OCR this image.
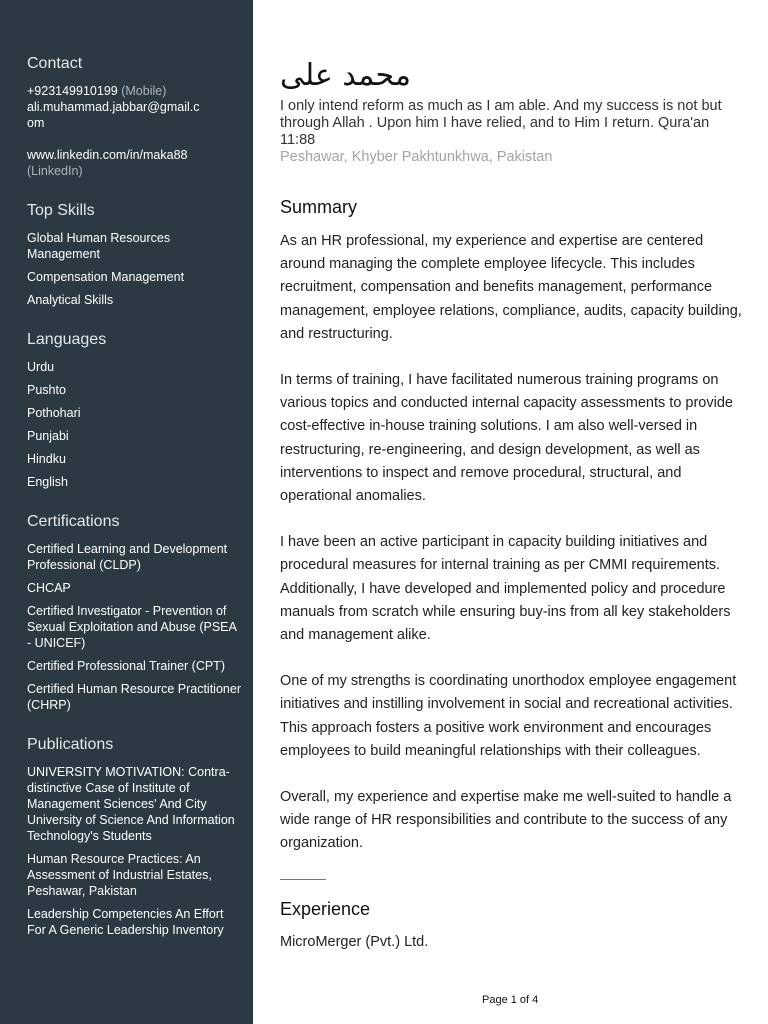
Contact

+923149910199 (Mobile)

ali.muhammad.jabbar@gmail.c
om

www.linkedin.com/in/maka88

(LinkedIn)

Top Skills

Global Human Resources Management

Compensation Management

Analytical Skills

Languages

Urdu

Pushto

Pothohari

Punjabi

Hindku

English

Certifications

Certified Learning and Development Professional (CLDP)

CHCAP

Certified Investigator - Prevention of Sexual Exploitation and Abuse (PSEA - UNICEF)

Certified Professional Trainer (CPT)

Certified Human Resource Practitioner (CHRP)

Publications

UNIVERSITY MOTIVATION: Contra-distinctive Case of Institute of Management Sciences' And City University of Science And Information Technology's Students

Human Resource Practices: An Assessment of Industrial Estates, Peshawar, Pakistan

Leadership Competencies An Effort For A Generic Leadership Inventory

محمد علی

I only intend reform as much as I am able. And my success is not but through Allah . Upon him I have relied, and to Him I return. Qura'an 11:88

Peshawar, Khyber Pakhtunkhwa, Pakistan

Summary

As an HR professional, my experience and expertise are centered around managing the complete employee lifecycle. This includes recruitment, compensation and benefits management, performance management, employee relations, compliance, audits, capacity building, and restructuring.

In terms of training, I have facilitated numerous training programs on various topics and conducted internal capacity assessments to provide cost-effective in-house training solutions. I am also well-versed in restructuring, re-engineering, and design development, as well as interventions to inspect and remove procedural, structural, and operational anomalies.

I have been an active participant in capacity building initiatives and procedural measures for internal training as per CMMI requirements. Additionally, I have developed and implemented policy and procedure manuals from scratch while ensuring buy-ins from all key stakeholders and management alike.

One of my strengths is coordinating unorthodox employee engagement initiatives and instilling involvement in social and recreational activities. This approach fosters a positive work environment and encourages employees to build meaningful relationships with their colleagues.

Overall, my experience and expertise make me well-suited to handle a wide range of HR responsibilities and contribute to the success of any organization.

Experience

MicroMerger (Pvt.) Ltd.

Page 1 of 4
